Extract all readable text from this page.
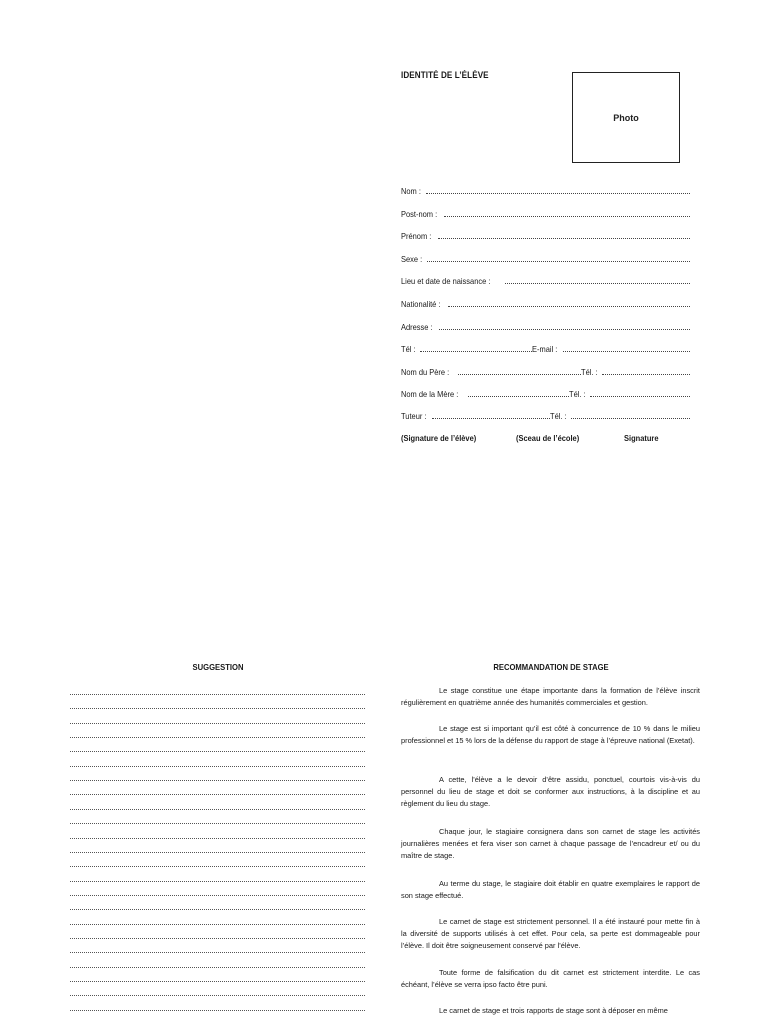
IDENTITÉ DE L’ÉLÈVE
Photo
Nom :
Post-nom :
Prénom :
Sexe :
Lieu et date de naissance :
Nationalité :
Adresse :
Tél :	E-mail :
Nom du Père :	Tél. :
Nom de la Mère :	Tél. :
Tuteur :	Tél. :
(Signature de l’élève)	(Sceau de l’école)	Signature
SUGGESTION	RECOMMANDATION DE STAGE

Le stage constitue une étape importante dans la formation de l’élève inscrit régulièrement en quatrième année des humanités commerciales et gestion.

Le stage est si important qu’il est côté à concurrence de 10 % dans le milieu professionnel et 15 % lors de la défense du rapport de stage à l’épreuve national (Exetat).

A cette, l’élève a le devoir d’être assidu, ponctuel, courtois vis-à-vis du personnel du lieu de stage et doit se conformer aux instructions, à la discipline et au règlement du lieu du stage.

Chaque jour, le stagiaire consignera dans son carnet de stage les activités journalières menées et fera viser son carnet à chaque passage de l’encadreur et/ ou du maître de stage.

Au terme du stage, le stagiaire doit établir en quatre exemplaires le rapport de son stage effectué.

Le carnet de stage est strictement personnel. Il a été instauré pour mette fin à la diversité de supports utilisés à cet effet. Pour cela, sa perte est dommageable pour l’élève. Il doit être soigneusement conservé par l’élève.

Toute forme de falsification du dit carnet est strictement interdite. Le cas échéant, l’élève se verra ipso facto être puni.

Le carnet de stage et trois rapports de stage sont à déposer en même
